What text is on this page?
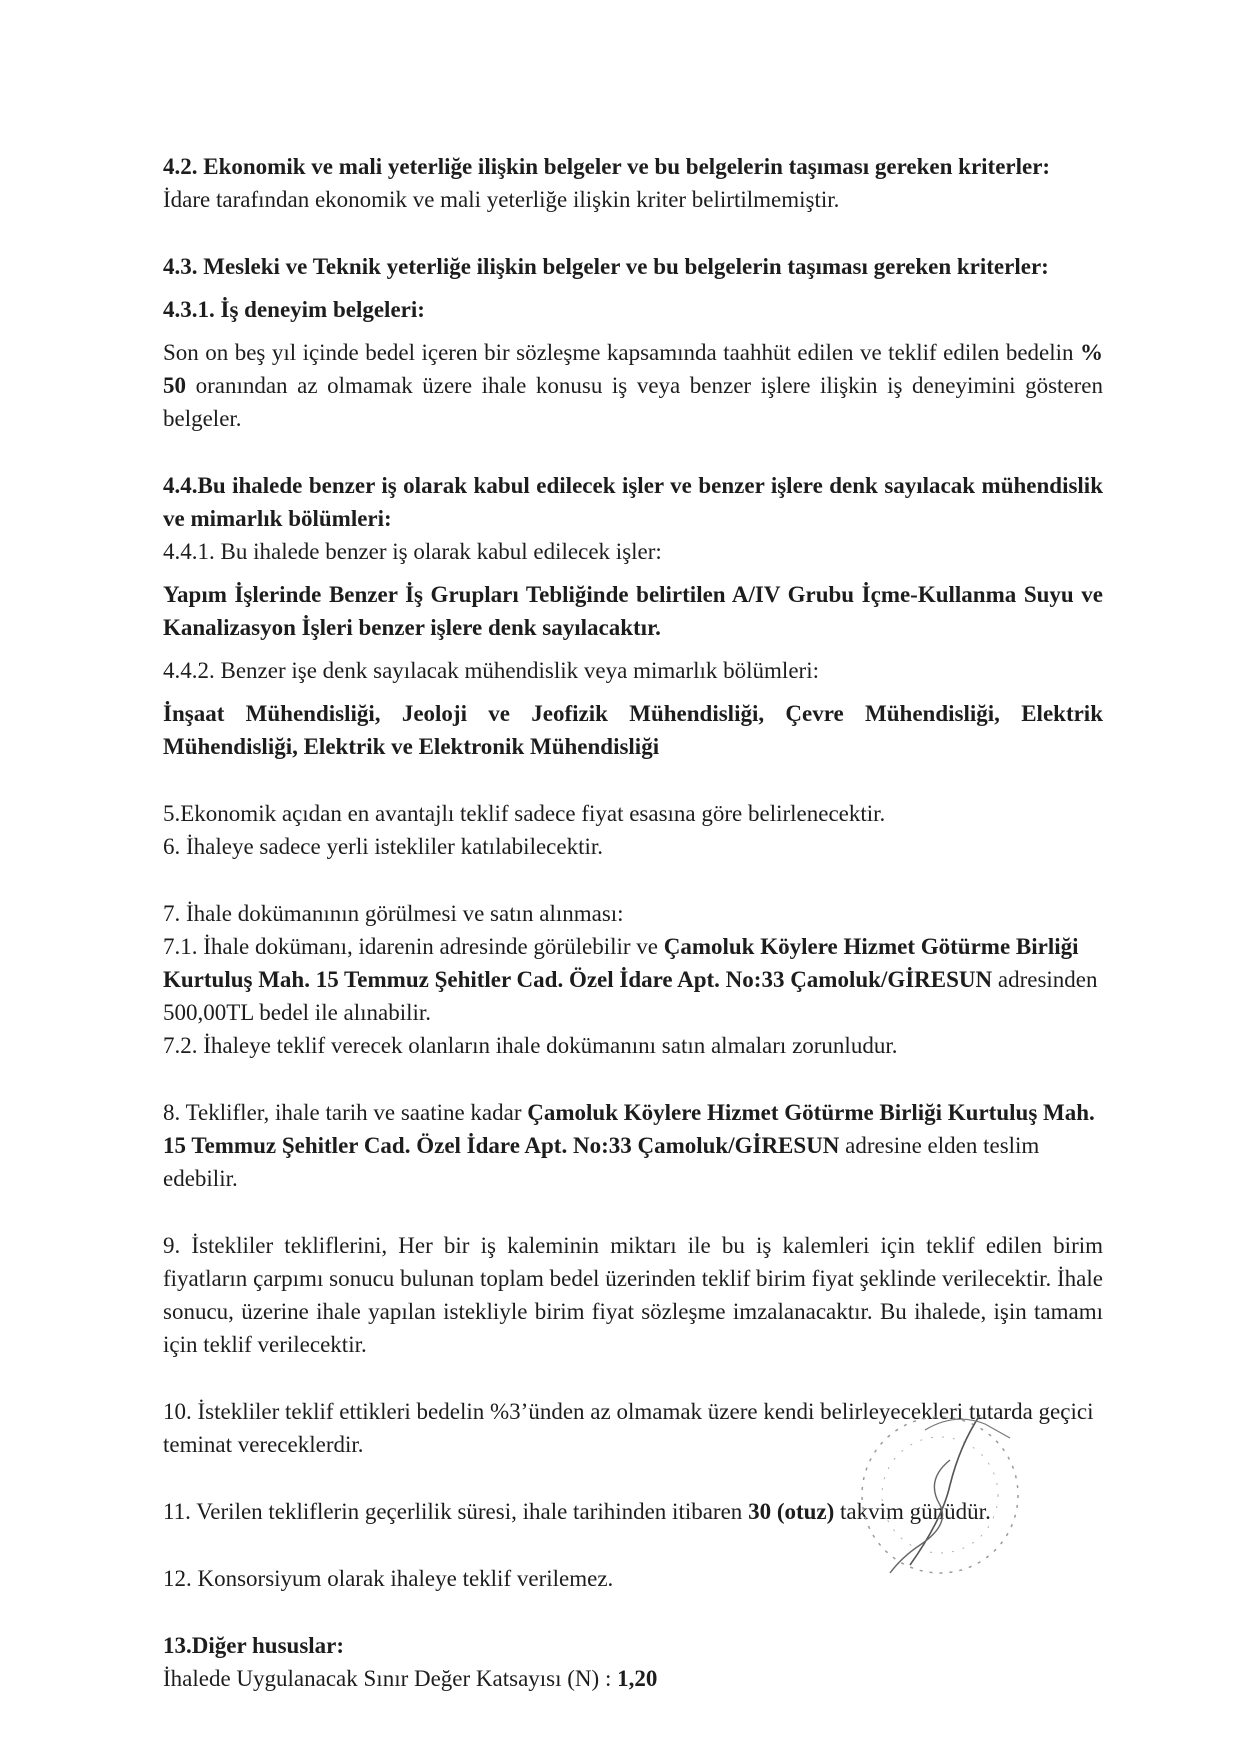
4.2. Ekonomik ve mali yeterliğe ilişkin belgeler ve bu belgelerin taşıması gereken kriterler:

İdare tarafından ekonomik ve mali yeterliğe ilişkin kriter belirtilmemiştir.

4.3. Mesleki ve Teknik yeterliğe ilişkin belgeler ve bu belgelerin taşıması gereken kriterler:

4.3.1. İş deneyim belgeleri:

Son on beş yıl içinde bedel içeren bir sözleşme kapsamında taahhüt edilen ve teklif edilen bedelin % 50 oranından az olmamak üzere ihale konusu iş veya benzer işlere ilişkin iş deneyimini gösteren belgeler.

4.4.Bu ihalede benzer iş olarak kabul edilecek işler ve benzer işlere denk sayılacak mühendislik ve mimarlık bölümleri:

4.4.1. Bu ihalede benzer iş olarak kabul edilecek işler:

Yapım İşlerinde Benzer İş Grupları Tebliğinde belirtilen A/IV Grubu İçme-Kullanma Suyu ve Kanalizasyon İşleri benzer işlere denk sayılacaktır.

4.4.2. Benzer işe denk sayılacak mühendislik veya mimarlık bölümleri:

İnşaat Mühendisliği, Jeoloji ve Jeofizik Mühendisliği, Çevre Mühendisliği, Elektrik Mühendisliği, Elektrik ve Elektronik Mühendisliği

5.Ekonomik açıdan en avantajlı teklif sadece fiyat esasına göre belirlenecektir.

6. İhaleye sadece yerli istekliler katılabilecektir.

7. İhale dokümanının görülmesi ve satın alınması:

7.1. İhale dokümanı, idarenin adresinde görülebilir ve Çamoluk Köylere Hizmet Götürme Birliği Kurtuluş Mah. 15 Temmuz Şehitler Cad. Özel İdare Apt. No:33 Çamoluk/GİRESUN adresinden 500,00TL bedel ile alınabilir.

7.2. İhaleye teklif verecek olanların ihale dokümanını satın almaları zorunludur.

8. Teklifler, ihale tarih ve saatine kadar Çamoluk Köylere Hizmet Götürme Birliği Kurtuluş Mah. 15 Temmuz Şehitler Cad. Özel İdare Apt. No:33 Çamoluk/GİRESUN adresine elden teslim edebilir.

9. İstekliler tekliflerini, Her bir iş kaleminin miktarı ile bu iş kalemleri için teklif edilen birim fiyatların çarpımı sonucu bulunan toplam bedel üzerinden teklif birim fiyat şeklinde verilecektir. İhale sonucu, üzerine ihale yapılan istekliyle birim fiyat sözleşme imzalanacaktır. Bu ihalede, işin tamamı için teklif verilecektir.

10. İstekliler teklif ettikleri bedelin %3’ünden az olmamak üzere kendi belirleyecekleri tutarda geçici teminat vereceklerdir.

11. Verilen tekliflerin geçerlilik süresi, ihale tarihinden itibaren 30 (otuz) takvim günüdür.

12. Konsorsiyum olarak ihaleye teklif verilemez.

13.Diğer hususlar:

İhalede Uygulanacak Sınır Değer Katsayısı (N) : 1,20
